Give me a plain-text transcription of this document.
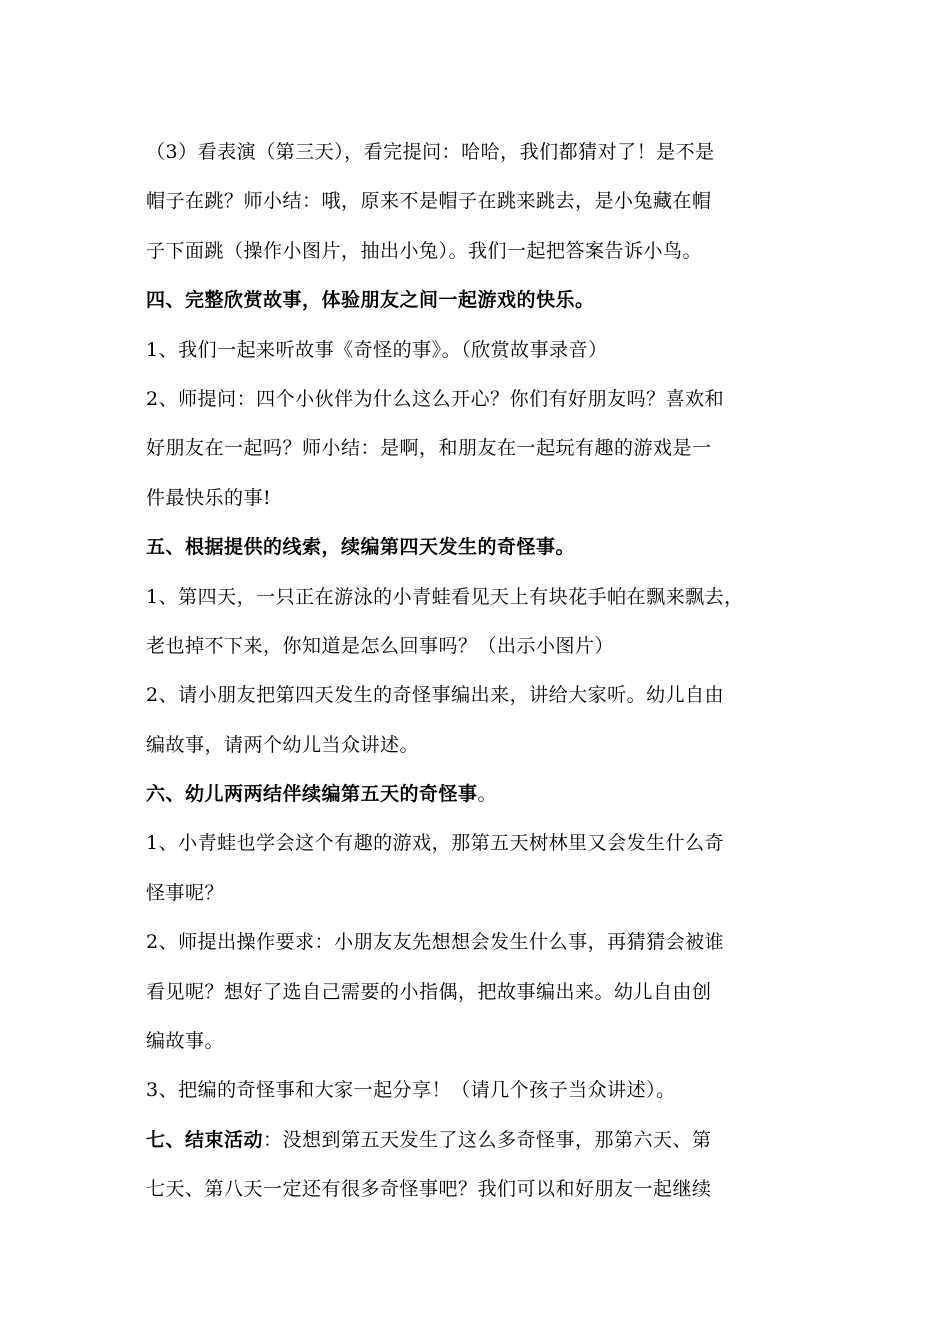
（3）看表演（第三天），看完提问：哈哈，我们都猜对了！是不是
帽子在跳？师小结：哦，原来不是帽子在跳来跳去，是小兔藏在帽
子下面跳（操作小图片，抽出小兔）。我们一起把答案告诉小鸟。
四、完整欣赏故事，体验朋友之间一起游戏的快乐。
1、我们一起来听故事《奇怪的事》。（欣赏故事录音）
2、师提问：四个小伙伴为什么这么开心？你们有好朋友吗？喜欢和
好朋友在一起吗？师小结：是啊，和朋友在一起玩有趣的游戏是一
件最快乐的事!
五、根据提供的线索，续编第四天发生的奇怪事。
1、第四天，一只正在游泳的小青蛙看见天上有块花手帕在飘来飘去，
老也掉不下来，你知道是怎么回事吗？（出示小图片）
2、请小朋友把第四天发生的奇怪事编出来，讲给大家听。幼儿自由
编故事，请两个幼儿当众讲述。
六、幼儿两两结伴续编第五天的奇怪事。
1、小青蛙也学会这个有趣的游戏，那第五天树林里又会发生什么奇
怪事呢？
2、师提出操作要求：小朋友友先想想会发生什么事，再猜猜会被谁
看见呢？想好了选自己需要的小指偶，把故事编出来。幼儿自由创
编故事。
3、把编的奇怪事和大家一起分享！（请几个孩子当众讲述）。
七、结束活动：没想到第五天发生了这么多奇怪事，那第六天、第
七天、第八天一定还有很多奇怪事吧？我们可以和好朋友一起继续
